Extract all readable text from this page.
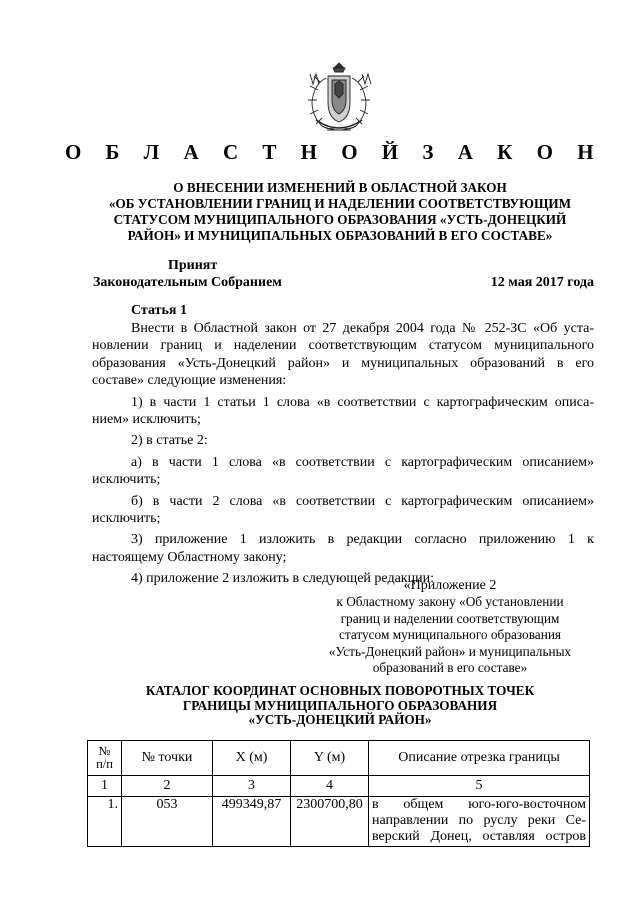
О Б Л А С Т Н О Й З А К О Н
О ВНЕСЕНИИ ИЗМЕНЕНИЙ В ОБЛАСТНОЙ ЗАКОН
«ОБ УСТАНОВЛЕНИИ ГРАНИЦ И НАДЕЛЕНИИ СООТВЕТСТВУЮЩИМ
СТАТУСОМ МУНИЦИПАЛЬНОГО ОБРАЗОВАНИЯ «УСТЬ-ДОНЕЦКИЙ
РАЙОН» И МУНИЦИПАЛЬНЫХ ОБРАЗОВАНИЙ В ЕГО СОСТАВЕ»
Принят
Законодательным Собранием	12 мая 2017 года
Статья 1
Внести в Областной закон от 27 декабря 2004 года № 252-ЗС «Об уста-
новлении границ и наделении соответствующим статусом муниципального
образования «Усть-Донецкий район» и муниципальных образований в его
составе» следующие изменения:
1) в части 1 статьи 1 слова «в соответствии с картографическим описа-
нием» исключить;
2) в статье 2:
а) в части 1 слова «в соответствии с картографическим описанием»
исключить;
б) в части 2 слова «в соответствии с картографическим описанием»
исключить;
3) приложение 1 изложить в редакции согласно приложению 1 к
настоящему Областному закону;
4) приложение 2 изложить в следующей редакции:
«Приложение 2
к Областному закону «Об установлении
границ и наделении соответствующим
статусом муниципального образования
«Усть-Донецкий район» и муниципальных
образований в его составе»
КАТАЛОГ КООРДИНАТ ОСНОВНЫХ ПОВОРОТНЫХ ТОЧЕК
ГРАНИЦЫ МУНИЦИПАЛЬНОГО ОБРАЗОВАНИЯ
«УСТЬ-ДОНЕЦКИЙ РАЙОН»
№
п/п	№ точки	X (м)	Y (м)	Описание отрезка границы
1	2	3	4	5
1.	053	499349,87	2300700,80	в общем юго-юго-восточном
направлении по руслу реки Се-
верский Донец, оставляя остров
